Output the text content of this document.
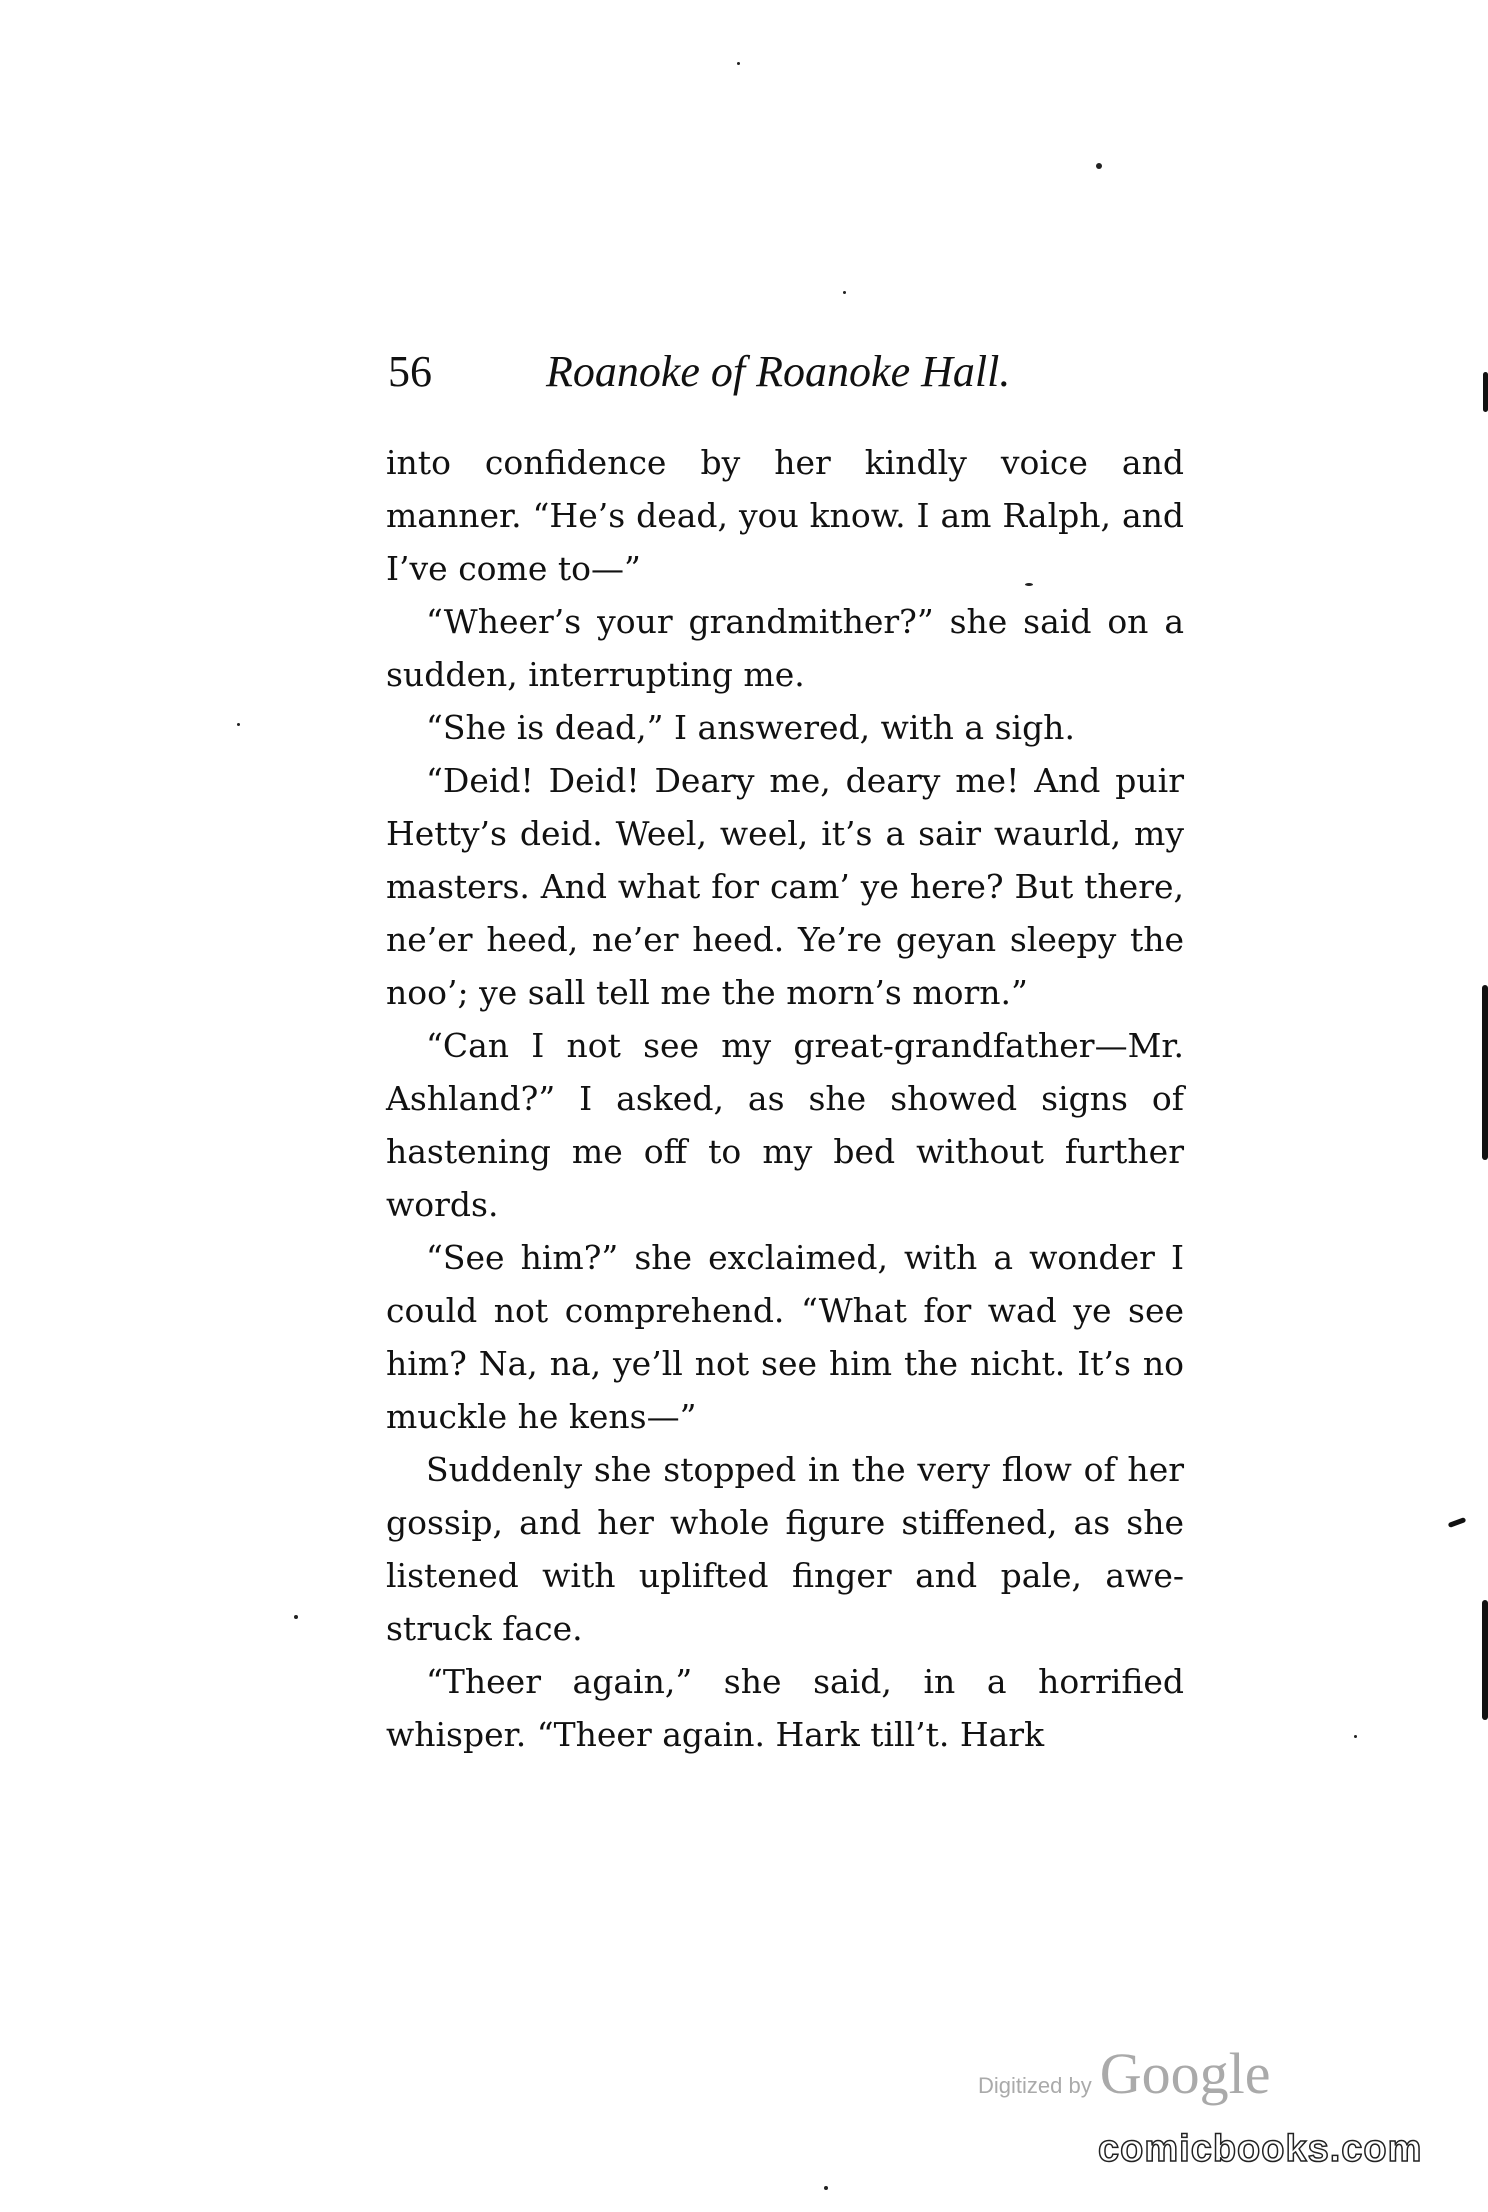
56	Roanoke of Roanoke Hall.

into confidence by her kindly voice and manner. “He’s dead, you know. I am Ralph, and I’ve come to—”

“Wheer’s your grandmither?” she said on a sudden, interrupting me.

“She is dead,” I answered, with a sigh.

“Deid! Deid! Deary me, deary me! And puir Hetty’s deid. Weel, weel, it’s a sair waurld, my masters. And what for cam’ ye here? But there, ne’er heed, ne’er heed. Ye’re geyan sleepy the noo’; ye sall tell me the morn’s morn.”

“Can I not see my great-grandfather—Mr. Ashland?” I asked, as she showed signs of hastening me off to my bed without further words.

“See him?” she exclaimed, with a wonder I could not comprehend. “What for wad ye see him? Na, na, ye’ll not see him the nicht. It’s no muckle he kens—”

Suddenly she stopped in the very flow of her gossip, and her whole figure stiffened, as she listened with uplifted finger and pale, awe-struck face.

“Theer again,” she said, in a horrified whisper. “Theer again. Hark till’t. Hark

Digitized by Google
comicbooks.com
